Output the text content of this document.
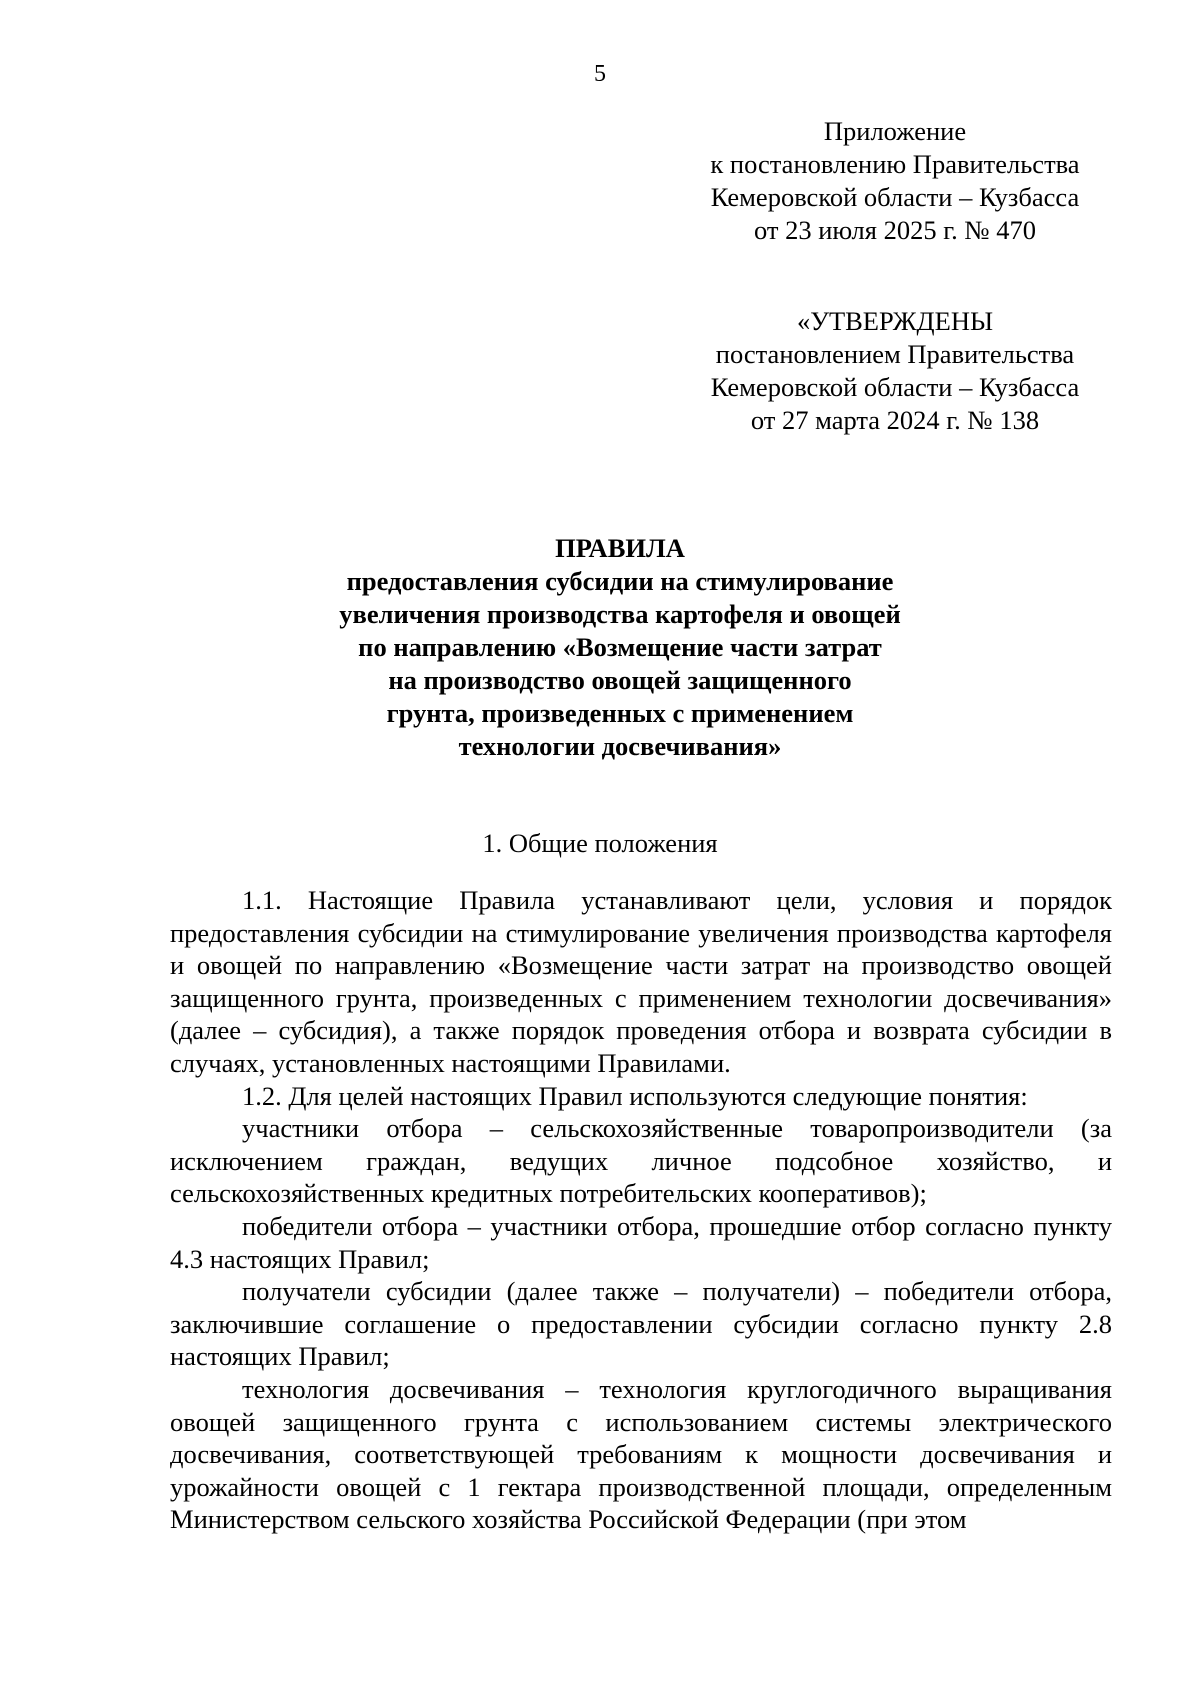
5
Приложение
к постановлению Правительства
Кемеровской области – Кузбасса
от 23 июля 2025 г. № 470
«УТВЕРЖДЕНЫ
постановлением Правительства
Кемеровской области – Кузбасса
от 27 марта 2024 г. № 138
ПРАВИЛА
предоставления субсидии на стимулирование
увеличения производства картофеля и овощей
по направлению «Возмещение части затрат
на производство овощей защищенного
грунта, произведенных с применением
технологии досвечивания»
1. Общие положения

1.1. Настоящие Правила устанавливают цели, условия и порядок предоставления субсидии на стимулирование увеличения производства картофеля и овощей по направлению «Возмещение части затрат на производство овощей защищенного грунта, произведенных с применением технологии досвечивания» (далее – субсидия), а также порядок проведения отбора и возврата субсидии в случаях, установленных настоящими Правилами.

1.2. Для целей настоящих Правил используются следующие понятия:

участники отбора – сельскохозяйственные товаропроизводители (за исключением граждан, ведущих личное подсобное хозяйство, и сельскохозяйственных кредитных потребительских кооперативов);

победители отбора – участники отбора, прошедшие отбор согласно пункту 4.3 настоящих Правил;

получатели субсидии (далее также – получатели) – победители отбора, заключившие соглашение о предоставлении субсидии согласно пункту 2.8 настоящих Правил;

технология досвечивания – технология круглогодичного выращивания овощей защищенного грунта с использованием системы электрического досвечивания, соответствующей требованиям к мощности досвечивания и урожайности овощей с 1 гектара производственной площади, определенным Министерством сельского хозяйства Российской Федерации (при этом
